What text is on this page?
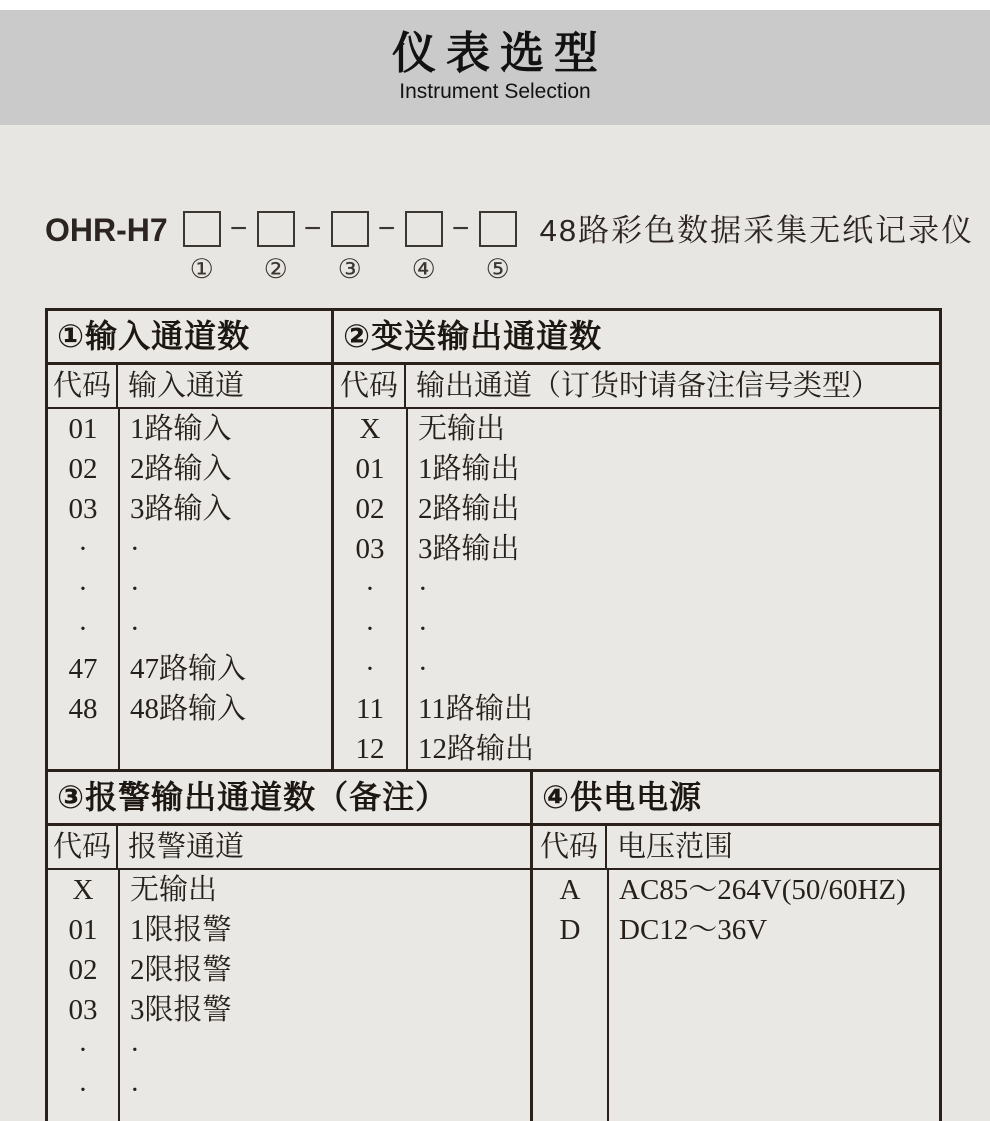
仪表选型
Instrument Selection
OHR-H7
①
−
②
−
③
−
④
−
⑤
48路彩色数据采集无纸记录仪
①输入通道数
代码 输入通道
01	1路输入
02	2路输入
03	3路输入
·	·
·	·
·	·
47	47路输入
48	48路输入
②变送输出通道数
代码 输出通道（订货时请备注信号类型）
X	无输出
01	1路输出
02	2路输出
03	3路输出
·	·
·	·
·	·
11	11路输出
12	12路输出
③报警输出通道数（备注）
代码 报警通道
X	无输出
01	1限报警
02	2限报警
03	3限报警
·	·
·	·
④供电电源
代码 电压范围
A	AC85～264V(50/60HZ)
D	DC12～36V
